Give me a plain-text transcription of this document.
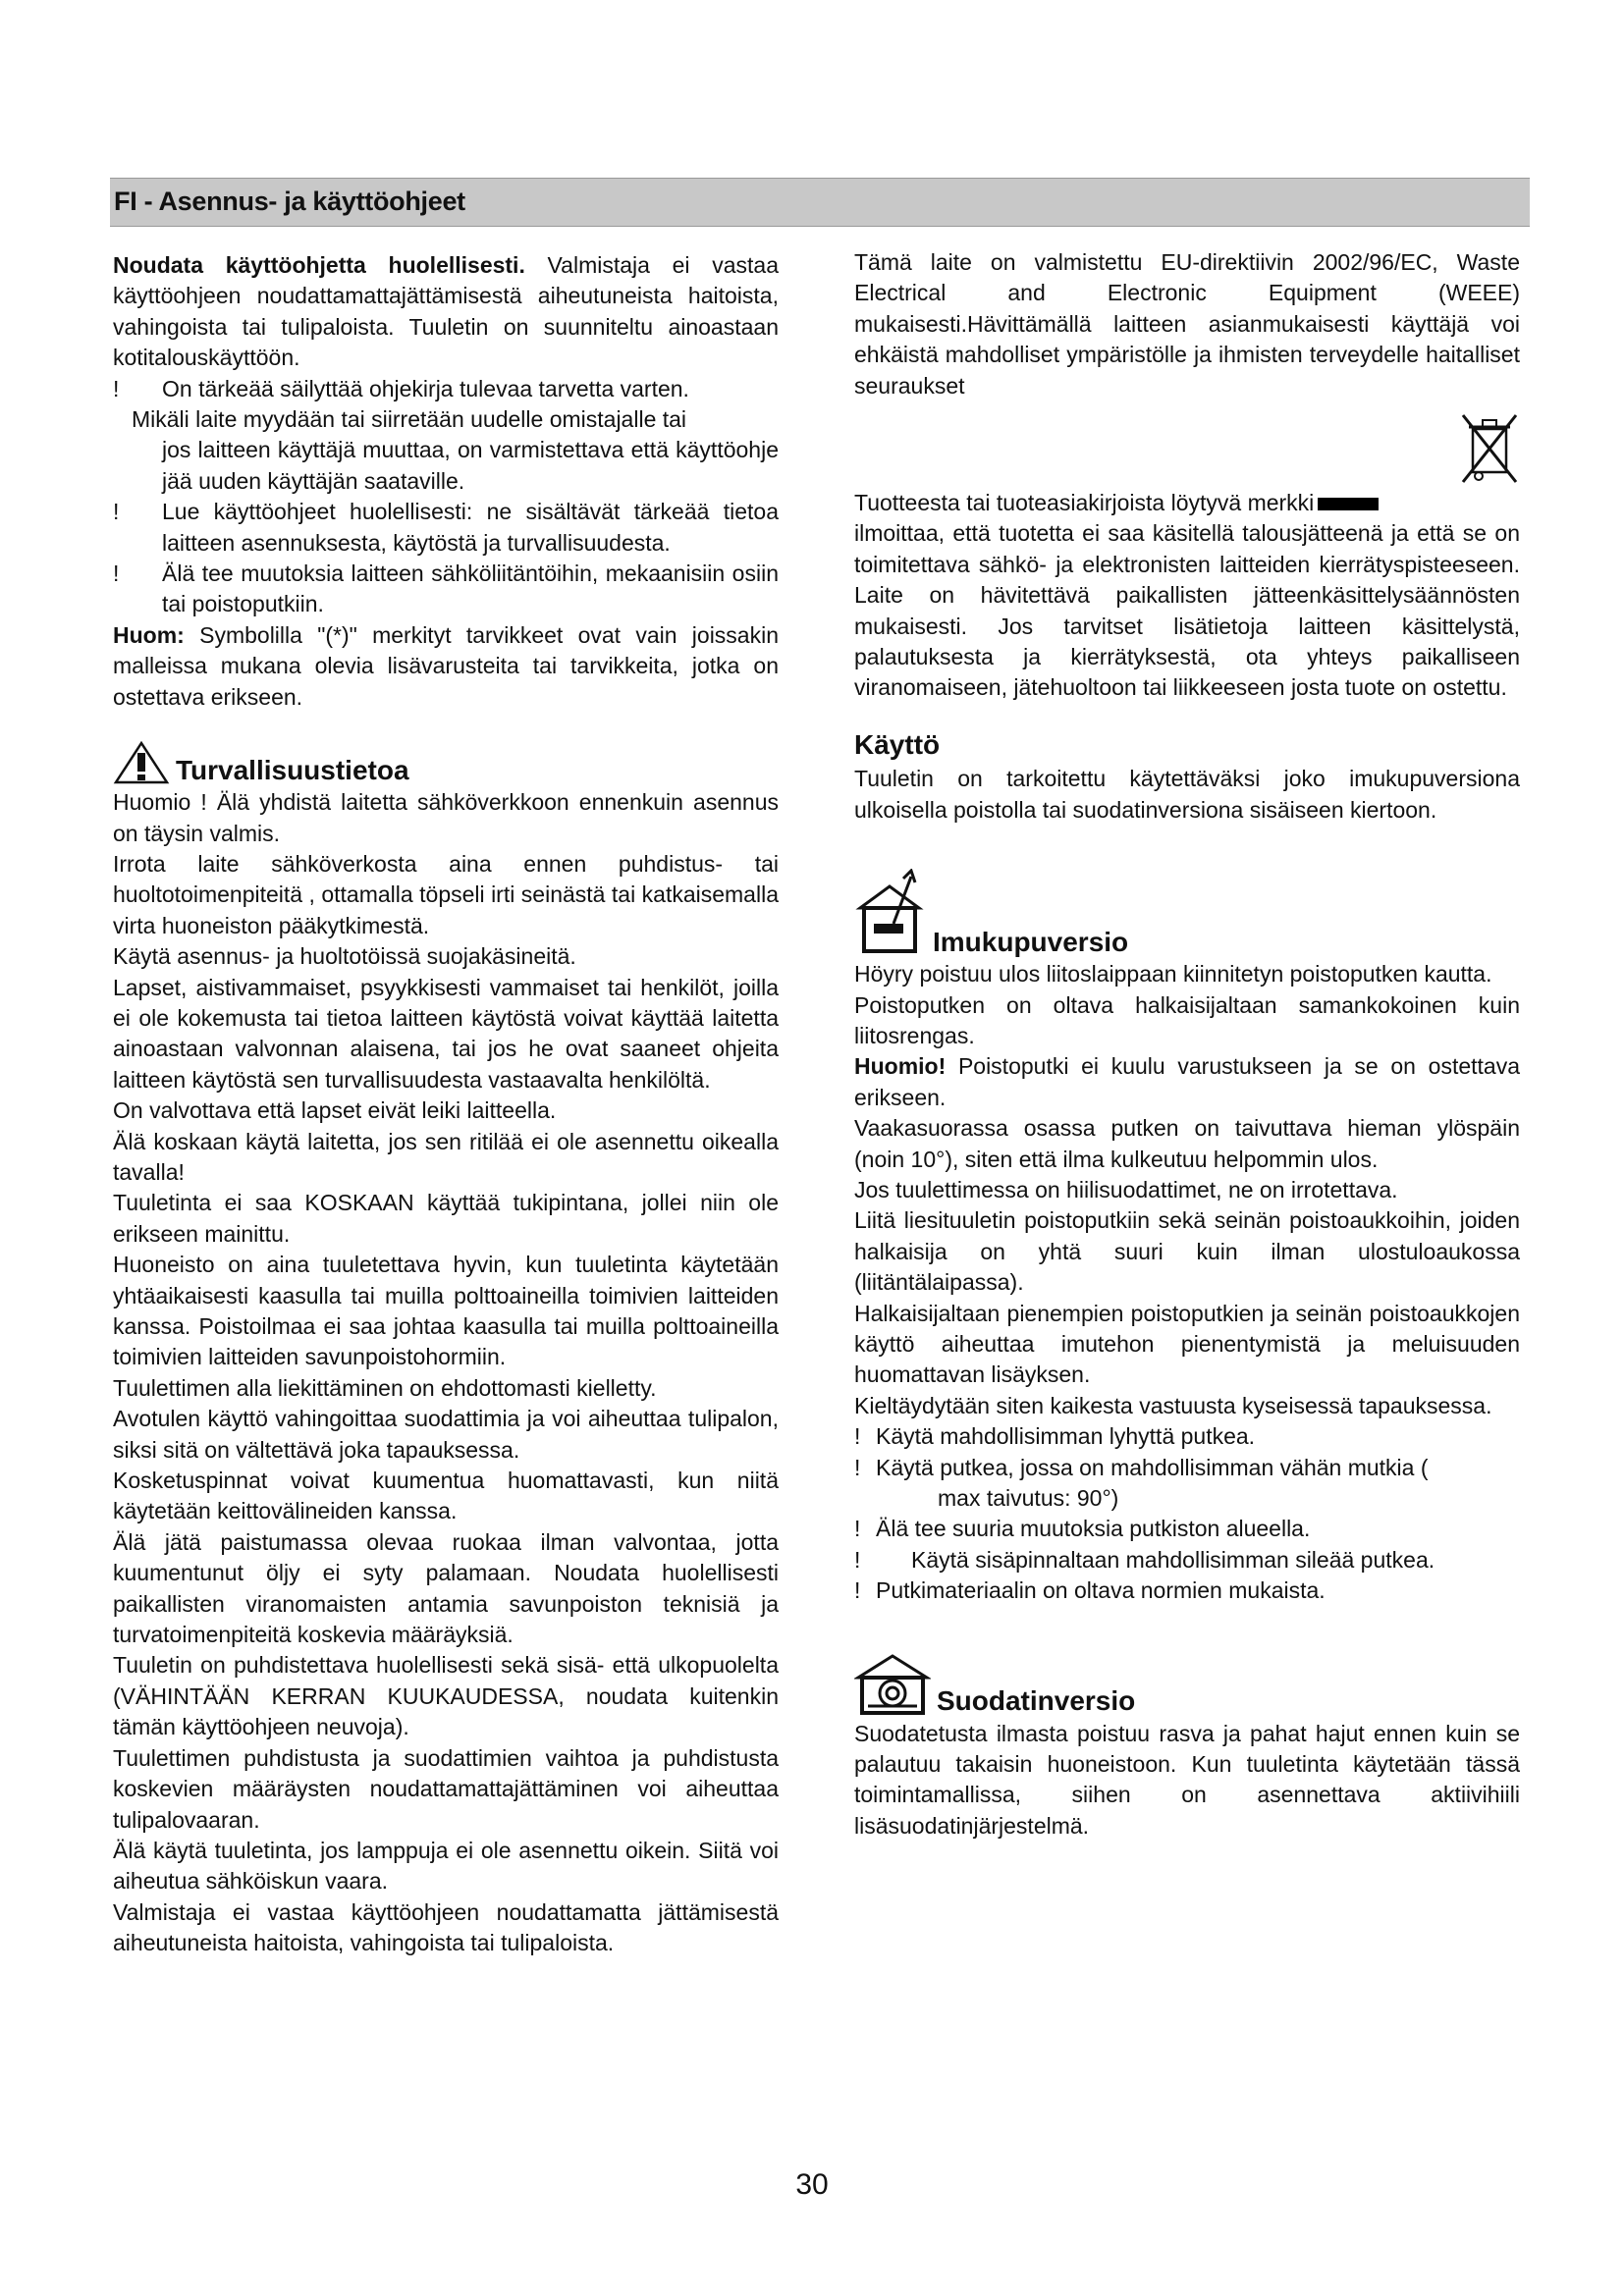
FI - Asennus- ja käyttöohjeet

Noudata käyttöohjetta huolellisesti. Valmistaja ei vastaa käyttöohjeen noudattamattajättämisestä aiheutuneista haitoista, vahingoista tai tulipaloista. Tuuletin on suunniteltu ainoastaan kotitalouskäyttöön.

!	On tärkeää säilyttää ohjekirja tulevaa tarvetta varten.

Mikäli laite myydään tai siirretään uudelle omistajalle tai

jos laitteen käyttäjä muuttaa, on varmistettava että käyttöohje jää uuden käyttäjän saataville.

!	Lue käyttöohjeet huolellisesti: ne sisältävät tärkeää tietoa laitteen asennuksesta, käytöstä ja turvallisuudesta.
!	Älä tee muutoksia laitteen sähköliitäntöihin, mekaanisiin osiin tai poistoputkiin.

Huom: Symbolilla "(*)" merkityt tarvikkeet ovat vain joissakin malleissa mukana olevia lisävarusteita tai tarvikkeita, jotka on ostettava erikseen.

Turvallisuustietoa

Huomio ! Älä yhdistä laitetta sähköverkkoon ennenkuin asennus on täysin valmis.

Irrota laite sähköverkosta aina ennen puhdistus- tai huoltotoimenpiteitä , ottamalla töpseli irti seinästä tai katkaisemalla virta huoneiston pääkytkimestä.

Käytä asennus- ja huoltotöissä suojakäsineitä.

Lapset, aistivammaiset, psyykkisesti vammaiset tai henkilöt, joilla ei ole kokemusta tai tietoa laitteen käytöstä voivat käyttää laitetta ainoastaan valvonnan alaisena, tai jos he ovat saaneet ohjeita laitteen käytöstä sen turvallisuudesta vastaavalta henkilöltä.

On valvottava että lapset eivät leiki laitteella.

Älä koskaan käytä laitetta, jos sen ritilää ei ole asennettu oikealla tavalla!

Tuuletinta ei saa KOSKAAN käyttää tukipintana, jollei niin ole erikseen mainittu.

Huoneisto on aina tuuletettava hyvin, kun tuuletinta käytetään yhtäaikaisesti kaasulla tai muilla polttoaineilla toimivien laitteiden kanssa. Poistoilmaa ei saa johtaa kaasulla tai muilla polttoaineilla toimivien laitteiden savunpoistohormiin.

Tuulettimen alla liekittäminen on ehdottomasti kielletty.

Avotulen käyttö vahingoittaa suodattimia ja voi aiheuttaa tulipalon, siksi sitä on vältettävä joka tapauksessa.

Kosketuspinnat voivat kuumentua huomattavasti, kun niitä käytetään keittovälineiden kanssa.

Älä jätä paistumassa olevaa ruokaa ilman valvontaa, jotta kuumentunut öljy ei syty palamaan. Noudata huolellisesti paikallisten viranomaisten antamia savunpoiston teknisiä ja turvatoimenpiteitä koskevia määräyksiä.

Tuuletin on puhdistettava huolellisesti sekä sisä- että ulkopuolelta (VÄHINTÄÄN KERRAN KUUKAUDESSA, noudata kuitenkin tämän käyttöohjeen neuvoja).

Tuulettimen puhdistusta ja suodattimien vaihtoa ja puhdistusta koskevien määräysten noudattamattajättäminen voi aiheuttaa tulipalovaaran.

Älä käytä tuuletinta, jos lamppuja ei ole asennettu oikein. Siitä voi aiheutua sähköiskun vaara.

Valmistaja ei vastaa käyttöohjeen noudattamatta jättämisestä aiheutuneista haitoista, vahingoista tai tulipaloista.

Tämä laite on valmistettu EU-direktiivin 2002/96/EC, Waste Electrical and Electronic Equipment (WEEE) mukaisesti.Hävittämällä laitteen asianmukaisesti käyttäjä voi ehkäistä mahdolliset ympäristölle ja ihmisten terveydelle haitalliset seuraukset

Tuotteesta tai tuoteasiakirjoista löytyvä merkki

ilmoittaa, että tuotetta ei saa käsitellä talousjätteenä ja että se on toimitettava sähkö- ja elektronisten laitteiden kierrätyspisteeseen. Laite on hävitettävä paikallisten jätteenkäsittelysäännösten mukaisesti. Jos tarvitset lisätietoja laitteen käsittelystä, palautuksesta ja kierrätyksestä, ota yhteys paikalliseen viranomaiseen, jätehuoltoon tai liikkeeseen josta tuote on ostettu.

Käyttö

Tuuletin on tarkoitettu käytettäväksi joko imukupuversiona ulkoisella poistolla tai suodatinversiona sisäiseen kiertoon.

Imukupuversio

Höyry poistuu ulos liitoslaippaan kiinnitetyn poistoputken kautta.

Poistoputken on oltava halkaisijaltaan samankokoinen kuin liitosrengas.

Huomio! Poistoputki ei kuulu varustukseen ja se on ostettava erikseen.

Vaakasuorassa osassa putken on taivuttava hieman ylöspäin (noin 10°), siten että ilma kulkeutuu helpommin ulos.

Jos tuulettimessa on hiilisuodattimet, ne on irrotettava.

Liitä liesituuletin poistoputkiin sekä seinän poistoaukkoihin, joiden halkaisija on yhtä suuri kuin ilman ulostuloaukossa (liitäntälaipassa).

Halkaisijaltaan pienempien poistoputkien ja seinän poistoaukkojen käyttö aiheuttaa imutehon pienentymistä ja meluisuuden huomattavan lisäyksen.

Kieltäydytään siten kaikesta vastuusta kyseisessä tapauksessa.

! Käytä mahdollisimman lyhyttä putkea.
! Käytä putkea, jossa on mahdollisimman vähän mutkia (

max taivutus: 90°)

! Älä tee suuria muutoksia putkiston alueella.
!	Käytä sisäpinnaltaan mahdollisimman sileää putkea.
! Putkimateriaalin on oltava normien mukaista.
Suodatinversio

Suodatetusta ilmasta poistuu rasva ja pahat hajut ennen kuin se palautuu takaisin huoneistoon. Kun tuuletinta käytetään tässä toimintamallissa, siihen on asennettava aktiivihiili lisäsuodatinjärjestelmä.

30
